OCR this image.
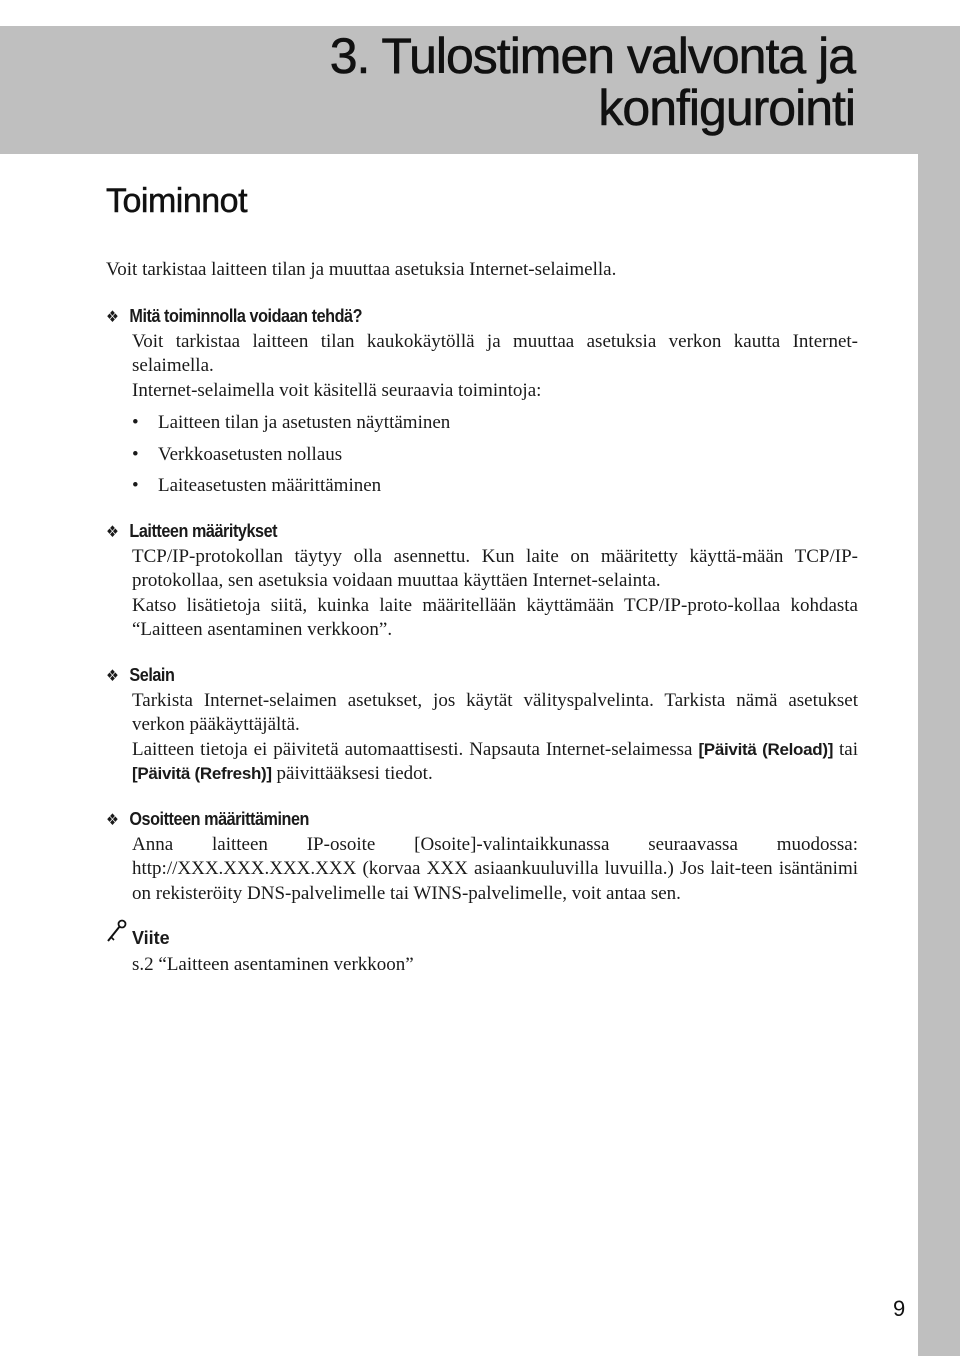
3. Tulostimen valvonta ja
konfigurointi
Toiminnot

Voit tarkistaa laitteen tilan ja muuttaa asetuksia Internet-selaimella.

❖ Mitä toiminnolla voidaan tehdä?
Voit tarkistaa laitteen tilan kaukokäytöllä ja muuttaa asetuksia verkon kautta Internet-selaimella.
Internet-selaimella voit käsitellä seuraavia toimintoja:
• Laitteen tilan ja asetusten näyttäminen
• Verkkoasetusten nollaus
• Laiteasetusten määrittäminen
❖ Laitteen määritykset
TCP/IP-protokollan täytyy olla asennettu. Kun laite on määritetty käyttä-mään TCP/IP-protokollaa, sen asetuksia voidaan muuttaa käyttäen Internet-selainta.
Katso lisätietoja siitä, kuinka laite määritellään käyttämään TCP/IP-proto-kollaa kohdasta “Laitteen asentaminen verkkoon”.
❖ Selain
Tarkista Internet-selaimen asetukset, jos käytät välityspalvelinta. Tarkista nämä asetukset verkon pääkäyttäjältä.
Laitteen tietoja ei päivitetä automaattisesti. Napsauta Internet-selaimessa [Päivitä (Reload)] tai [Päivitä (Refresh)] päivittääksesi tiedot.
❖ Osoitteen määrittäminen
Anna laitteen IP-osoite [Osoite]-valintaikkunassa seuraavassa muodossa: http://XXX.XXX.XXX.XXX (korvaa XXX asiaankuuluvilla luvuilla.) Jos lait-teen isäntänimi on rekisteröity DNS-palvelimelle tai WINS-palvelimelle, voit antaa sen.
Viite
s.2 “Laitteen asentaminen verkkoon”
9
